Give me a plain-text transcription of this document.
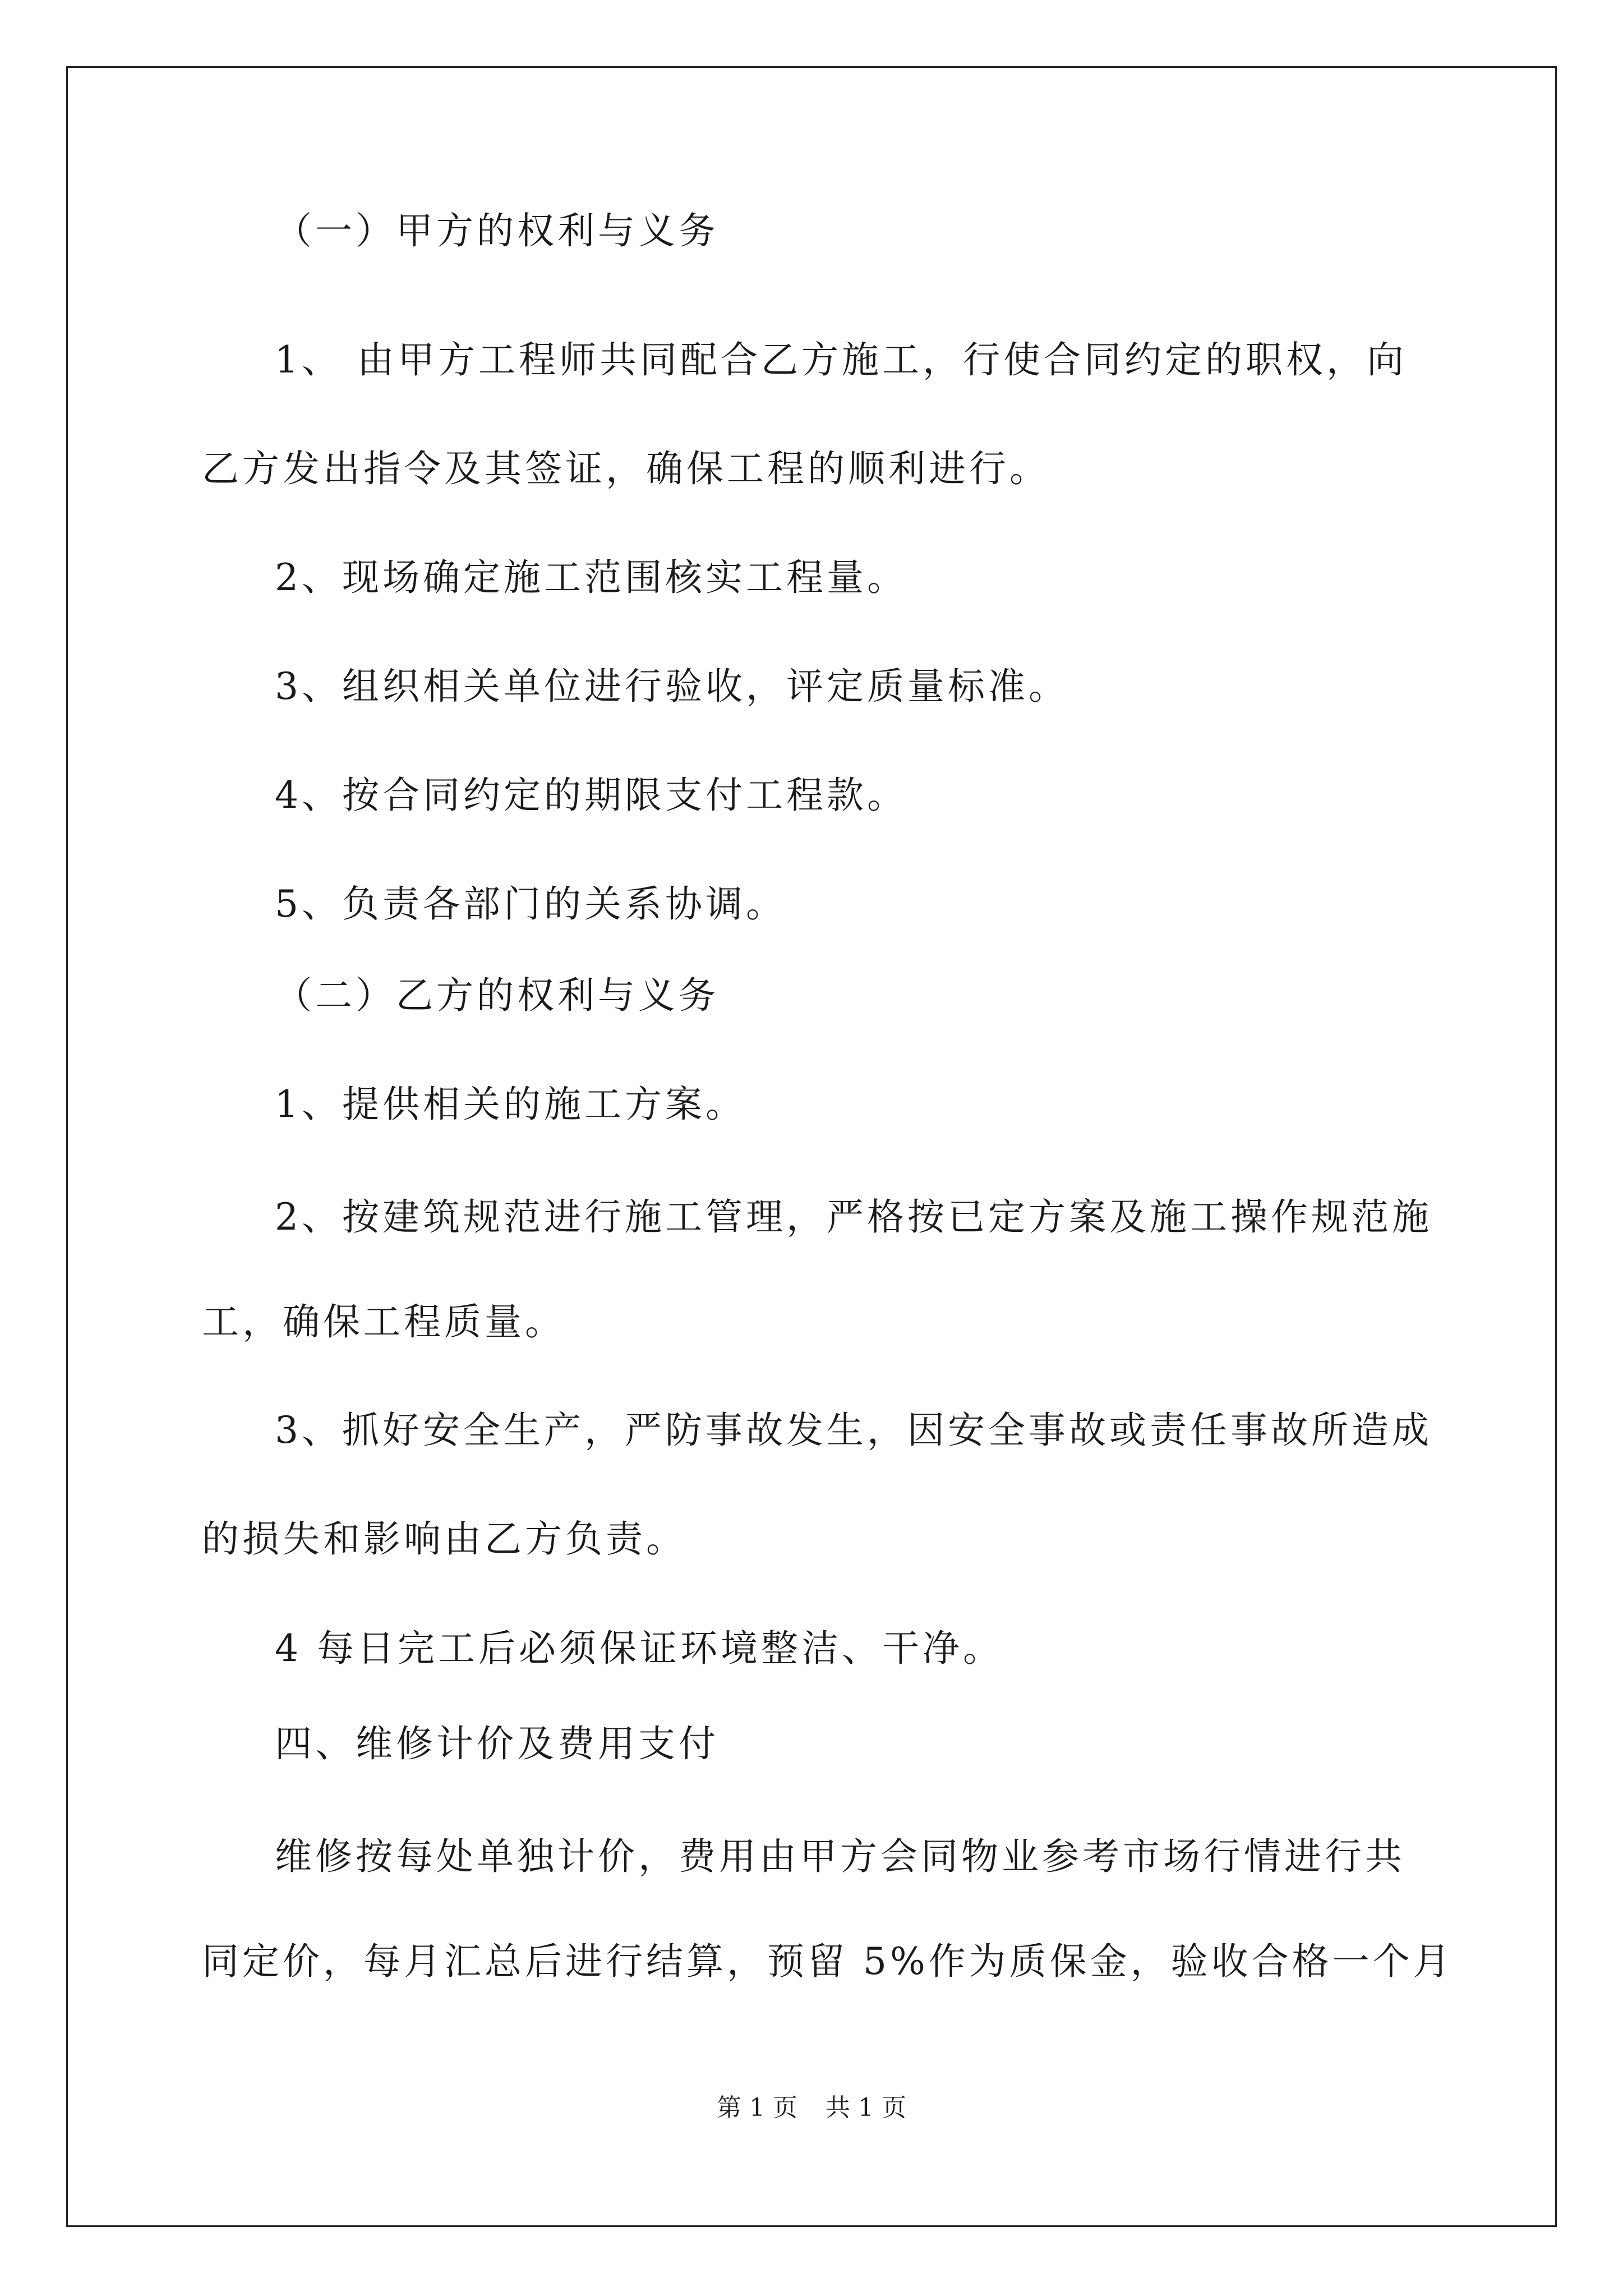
（一）甲方的权利与义务
1、 由甲方工程师共同配合乙方施工，行使合同约定的职权，向
乙方发出指令及其签证，确保工程的顺利进行。
2、现场确定施工范围核实工程量。
3、组织相关单位进行验收，评定质量标准。
4、按合同约定的期限支付工程款。
5、负责各部门的关系协调。
（二）乙方的权利与义务
1、提供相关的施工方案。
2、按建筑规范进行施工管理，严格按已定方案及施工操作规范施
工，确保工程质量。
3、抓好安全生产，严防事故发生，因安全事故或责任事故所造成
的损失和影响由乙方负责。
4 每日完工后必须保证环境整洁、干净。
四、维修计价及费用支付
维修按每处单独计价，费用由甲方会同物业参考市场行情进行共
同定价，每月汇总后进行结算，预留 5%作为质保金，验收合格一个月
第 1 页 共 1 页
